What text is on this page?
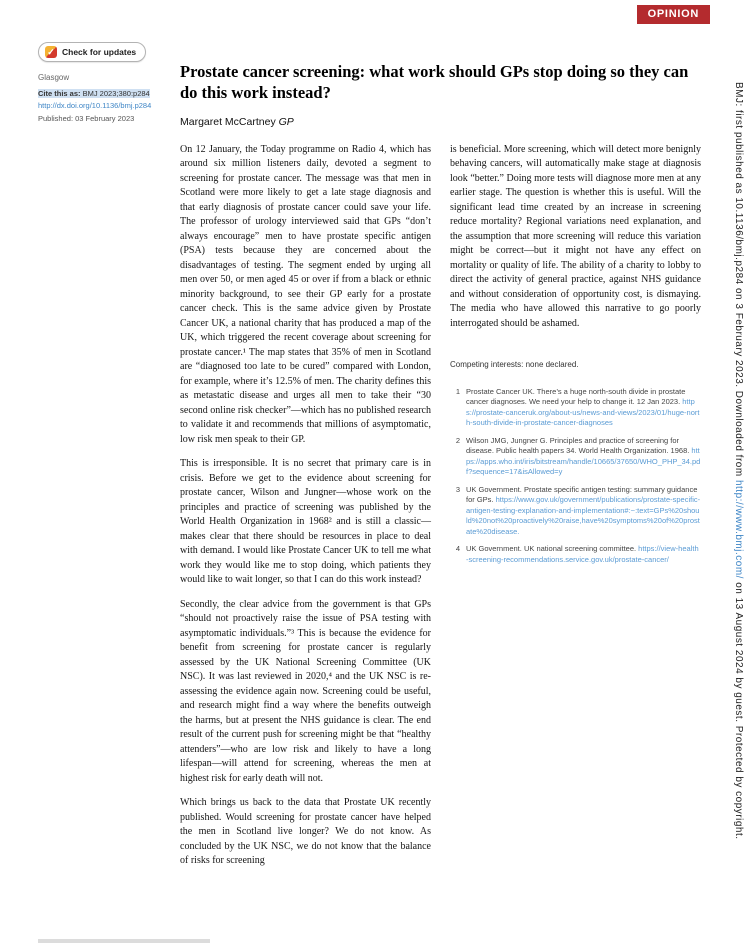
OPINION
✓ Check for updates
Glasgow
Cite this as: BMJ 2023;380:p284
http://dx.doi.org/10.1136/bmj.p284
Published: 03 February 2023
Prostate cancer screening: what work should GPs stop doing so they can do this work instead?
Margaret McCartney GP

On 12 January, the Today programme on Radio 4, which has around six million listeners daily, devoted a segment to screening for prostate cancer. The message was that men in Scotland were more likely to get a late stage diagnosis and that early diagnosis of prostate cancer could save your life. The professor of urology interviewed said that GPs “don’t always encourage” men to have prostate specific antigen (PSA) tests because they are concerned about the disadvantages of testing. The segment ended by urging all men over 50, or men aged 45 or over if from a black or ethnic minority background, to see their GP early for a prostate cancer check. This is the same advice given by Prostate Cancer UK, a national charity that has produced a map of the UK, which triggered the recent coverage about screening for prostate cancer.¹ The map states that 35% of men in Scotland are “diagnosed too late to be cured” compared with London, for example, where it’s 12.5% of men. The charity defines this as metastatic disease and urges all men to take their “30 second online risk checker”—which has no published research to validate it and recommends that millions of asymptomatic, low risk men speak to their GP.

This is irresponsible. It is no secret that primary care is in crisis. Before we get to the evidence about screening for prostate cancer, Wilson and Jungner—whose work on the principles and practice of screening was published by the World Health Organization in 1968² and is still a classic—makes clear that there should be resources in place to deal with demand. I would like Prostate Cancer UK to tell me what work they would like me to stop doing, which patients they would like to wait longer, so that I can do this work instead?

Secondly, the clear advice from the government is that GPs “should not proactively raise the issue of PSA testing with asymptomatic individuals.”³ This is because the evidence for benefit from screening for prostate cancer is regularly assessed by the UK National Screening Committee (UK NSC). It was last reviewed in 2020,⁴ and the UK NSC is re-assessing the evidence again now. Screening could be useful, and research might find a way where the benefits outweigh the harms, but at present the NHS guidance is clear. The end result of the current push for screening might be that “healthy attenders”—who are low risk and likely to have a long lifespan—will attend for screening, whereas the men at highest risk for early death will not.

Which brings us back to the data that Prostate UK recently published. Would screening for prostate cancer have helped the men in Scotland live longer? We do not know. As concluded by the UK NSC, we do not know that the balance of risks for screening

is beneficial. More screening, which will detect more benignly behaving cancers, will automatically make stage at diagnosis look “better.” Doing more tests will diagnose more men at any earlier stage. The question is whether this is useful. Will the significant lead time created by an increase in screening reduce mortality? Regional variations need explanation, and the assumption that more screening will reduce this variation might be correct—but it might not have any effect on mortality or quality of life. The ability of a charity to lobby to direct the activity of general practice, against NHS guidance and without consideration of opportunity cost, is dismaying. The media who have allowed this narrative to go poorly interrogated should be ashamed.

Competing interests: none declared.
1 Prostate Cancer UK. There’s a huge north-south divide in prostate cancer diagnoses. We need your help to change it. 12 Jan 2023. https://prostate-canceruk.org/about-us/news-and-views/2023/01/huge-north-south-divide-in-prostate-cancer-diagnoses
2 Wilson JMG, Jungner G. Principles and practice of screening for disease. Public health papers 34. World Health Organization. 1968. https://apps.who.int/iris/bitstream/handle/10665/37650/WHO_PHP_34.pdf?sequence=17&isAllowed=y
3 UK Government. Prostate specific antigen testing: summary guidance for GPs. https://www.gov.uk/government/publications/prostate-specific-antigen-testing-explanation-and-implementation#:~:text=GPs%20should%20not%20proactively%20raise,have%20symptoms%20of%20prostate%20disease.
4 UK Government. UK national screening committee. https://view-health-screening-recommendations.service.gov.uk/prostate-cancer/
BMJ: first published as 10.1136/bmj.p284 on 3 February 2023. Downloaded from http://www.bmj.com/ on 13 August 2024 by guest. Protected by copyright.
